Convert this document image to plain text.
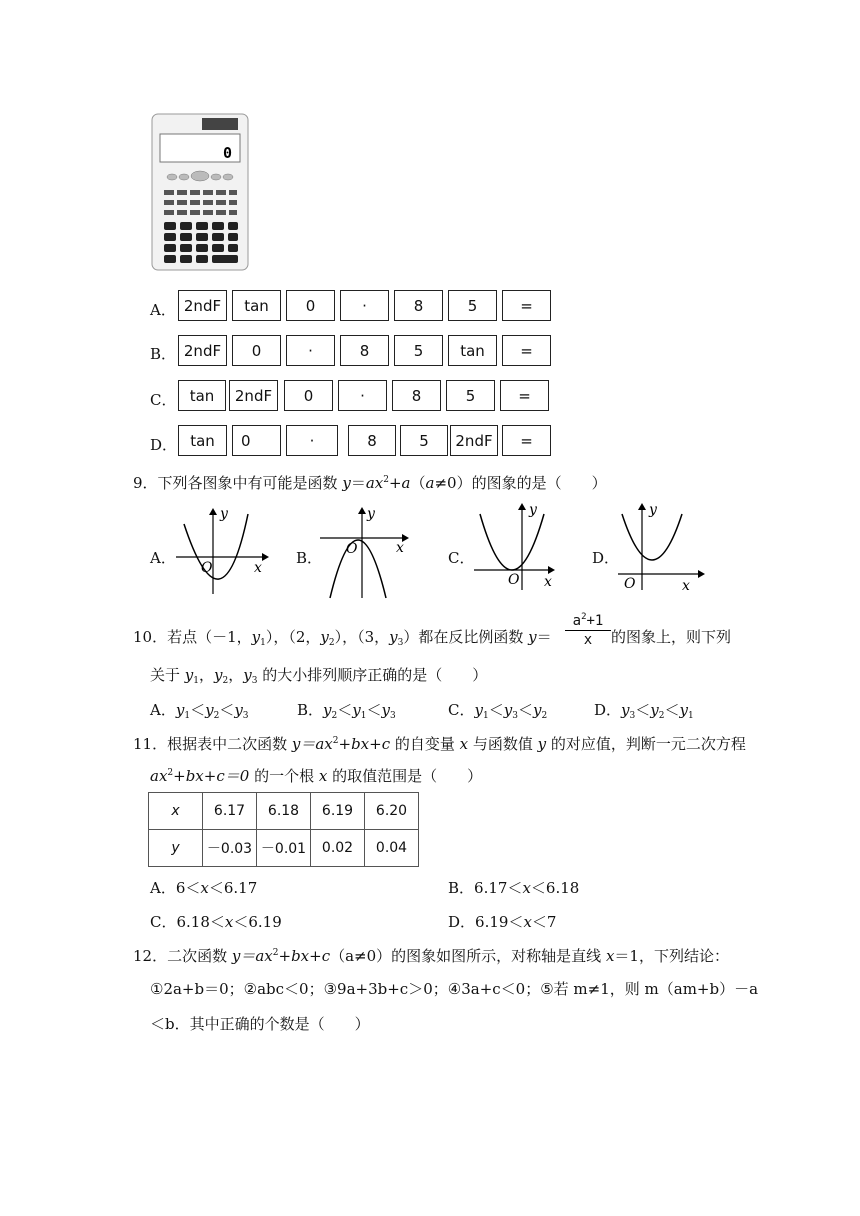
0
A． 2ndF	tan	0	·	8	5	=
B． 2ndF	0	·	8	5	tan	=
C． tan	2ndF	0	·	8	5	=
D． tan	0	·	8	5	2ndF	=
9．下列各图象中有可能是函数 $y=ax^2+a(a\ne 0)$的图象的是（　　）
A．
y
x
O
B．
y
x
O	C．
y
x
O
D．
y
x
O
10．若点（－1，$y_1$），（2，$y_2$），（3，$y_3$）都在反比例函数 y＝
$a^2+1$
x	的图象上，则下列
关于 $y_1$，$y_2$，$y_3$ 的大小排列顺序正确的是（　　）
A．$y_1<y_2<y_3$	B．$y_2<y_1<y_3$	C．$y_1<y_3<y_2$	D．$y_3<y_2<y_1$
11．根据表中二次函数 $y=ax^2+bx+c$ 的自变量 x 与函数值 y 的对应值，判断一元二次方程
$ax^2+bx+c=0$ 的一个根 x 的取值范围是（　　）
x	6.17	6.18	6.19	6.20
y	－0.03	－0.01	0.02	0.04
A．6＜x＜6.17	B．6.17＜x＜6.18
C．6.18＜x＜6.19	D．6.19＜x＜7
12．二次函数 $y=ax^2+bx+c(a\ne 0)$的图象如图所示，对称轴是直线 x＝1，下列结论：
①2a+b＝0；②abc＜0；③9a+3b+c＞0；④3a+c＜0；⑤若 m≠1，则 m（am+b）－a
＜b．其中正确的个数是（　　）
